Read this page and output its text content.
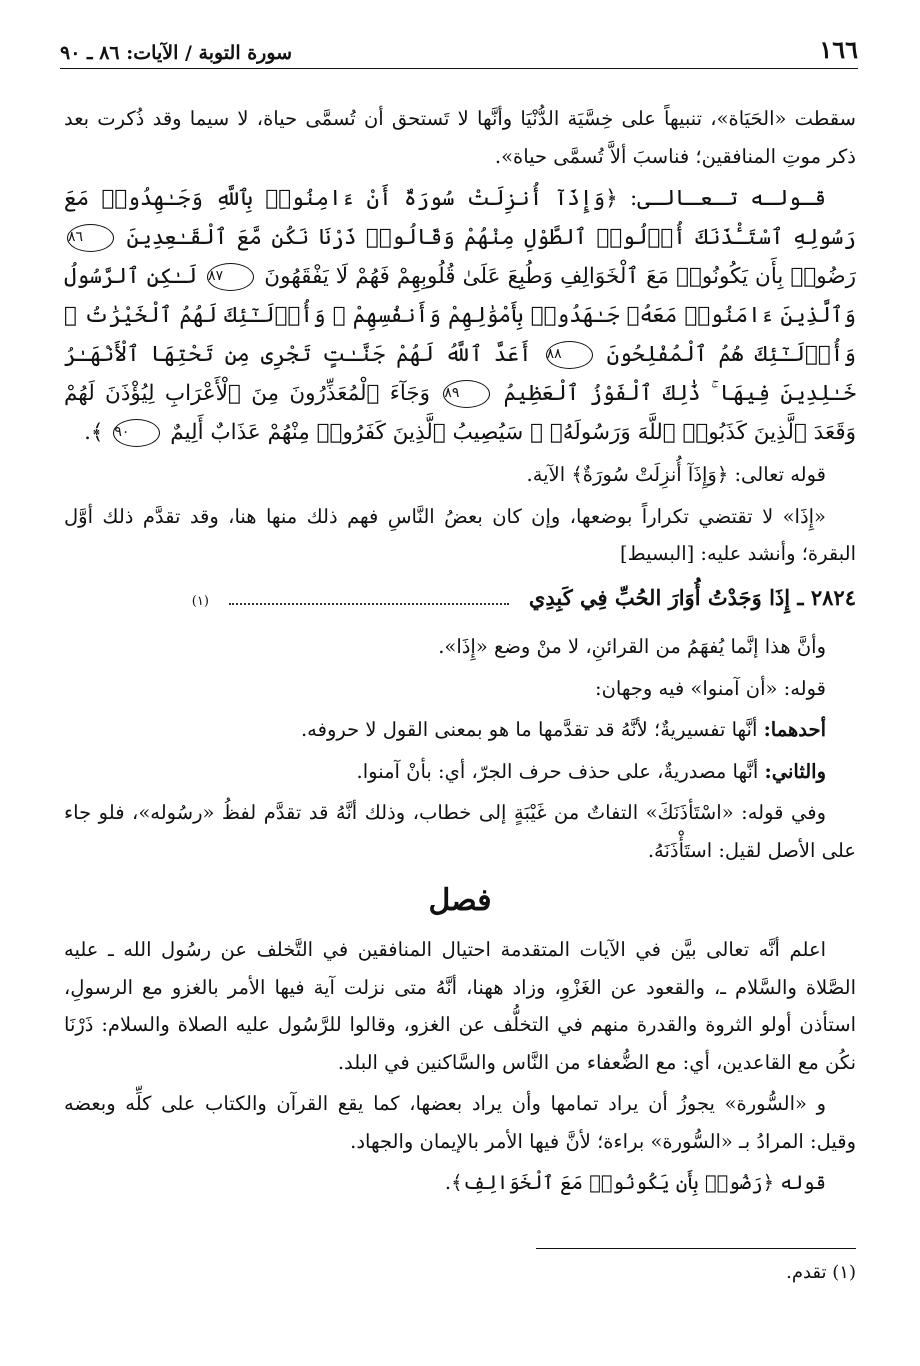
١٦٦
سورة التوبة / الآيات: ٨٦ ـ ٩٠

سقطت «الحَيَاة»، تنبيهاً على خِسَّيَة الدُّنْيَا وأنَّها لا تَستحق أن تُسمَّى حياة، لا سيما وقد ذُكرت بعد ذكر موتِ المنافقين؛ فناسبَ ألاَّ تُسمَّى حياة».

قـولـه تـعـالـى: ﴿وَإِذَآ أُنزِلَتْ سُورَةٌ أَنْ ءَامِنُوا۟ بِٱللَّهِ وَجَـٰهِدُوا۟ مَعَ رَسُولِهِ ٱسْتَـْٔذَنَكَ أُو۟لُوا۟ ٱلطَّوْلِ مِنْهُمْ وَقَالُوا۟ ذَرْنَا نَكُن مَّعَ ٱلْقَـٰعِدِينَ ٨٦ رَضُوا۟ بِأَن يَكُونُوا۟ مَعَ ٱلْخَوَالِفِ وَطُبِعَ عَلَىٰ قُلُوبِهِمْ فَهُمْ لَا يَفْقَهُونَ ٨٧ لَـٰكِنِ ٱلرَّسُولُ وَٱلَّذِينَ ءَامَنُوا۟ مَعَهُۥ جَـٰهَدُوا۟ بِأَمْوَٰلِهِمْ وَأَنفُسِهِمْ ۚ وَأُو۟لَـٰٓئِكَ لَهُمُ ٱلْخَيْرَٰتُ ۖ وَأُو۟لَـٰٓئِكَ هُمُ ٱلْمُفْلِحُونَ ٨٨ أَعَدَّ ٱللَّهُ لَهُمْ جَنَّـٰتٍ تَجْرِى مِن تَحْتِهَا ٱلْأَنْهَـٰرُ خَـٰلِدِينَ فِيهَا ۚ ذَٰلِكَ ٱلْفَوْزُ ٱلْعَظِيمُ ٨٩ وَجَآءَ ٱلْمُعَذِّرُونَ مِنَ ٱلْأَعْرَابِ لِيُؤْذَنَ لَهُمْ وَقَعَدَ ٱلَّذِينَ كَذَبُوا۟ ٱللَّهَ وَرَسُولَهُۥ ۚ سَيُصِيبُ ٱلَّذِينَ كَفَرُوا۟ مِنْهُمْ عَذَابٌ أَلِيمٌ ٩٠ ﴾.

قوله تعالى: ﴿وَإِذَآ أُنزِلَتْ سُورَةٌ﴾ الآية.

«إِذَا» لا تقتضي تكراراً بوضعها، وإن كان بعضُ النَّاسِ فهم ذلك منها هنا، وقد تقدَّم ذلك أوَّل البقرة؛ وأنشد عليه: [البسيط]

٢٨٢٤ ـ إِذَا وَجَدْتُ أُوَارَ الحُبِّ فِي كَبِدِي
(١)

وأنَّ هذا إنَّما يُفهَمُ من القرائنِ، لا منْ وضع «إِذَا».

قوله: «أن آمنوا» فيه وجهان:

أحدهما: أنَّها تفسيريةٌ؛ لأنَّهُ قد تقدَّمها ما هو بمعنى القول لا حروفه.

والثاني: أنَّها مصدريةٌ، على حذف حرف الجرّ، أي: بأنْ آمنوا.

وفي قوله: «اسْتَأذَنَكَ» التفاتٌ من غَيْبَةٍ إلى خطاب، وذلك أنَّهُ قد تقدَّم لفظُ «رسُوله»، فلو جاء على الأصل لقيل: استَأْذَنَهُ.

فصل

اعلم أنَّه تعالى بيَّن في الآيات المتقدمة احتيال المنافقين في التَّخلف عن رسُول الله ـ عليه الصَّلاة والسَّلام ـ، والقعود عن الغَزْوِ، وزاد ههنا، أنَّهُ متى نزلت آية فيها الأمر بالغزو مع الرسولِ، استأذن أولو الثروة والقدرة منهم في التخلُّف عن الغزو، وقالوا للرَّسُول عليه الصلاة والسلام: ذَرْنَا نكُن مع القاعدين، أي: مع الضُّعفاء من النَّاس والسَّاكنين في البلد.

و «السُّورة» يجوزُ أن يراد تمامها وأن يراد بعضها، كما يقع القرآن والكتاب على كلِّه وبعضه وقيل: المرادُ بـ «السُّورة» براءة؛ لأنَّ فيها الأمر بالإيمان والجهاد.

قوله ﴿رَضُوا۟ بِأَن يَكُونُوا۟ مَعَ ٱلْخَوَالِفِ﴾.

(١) تقدم.
